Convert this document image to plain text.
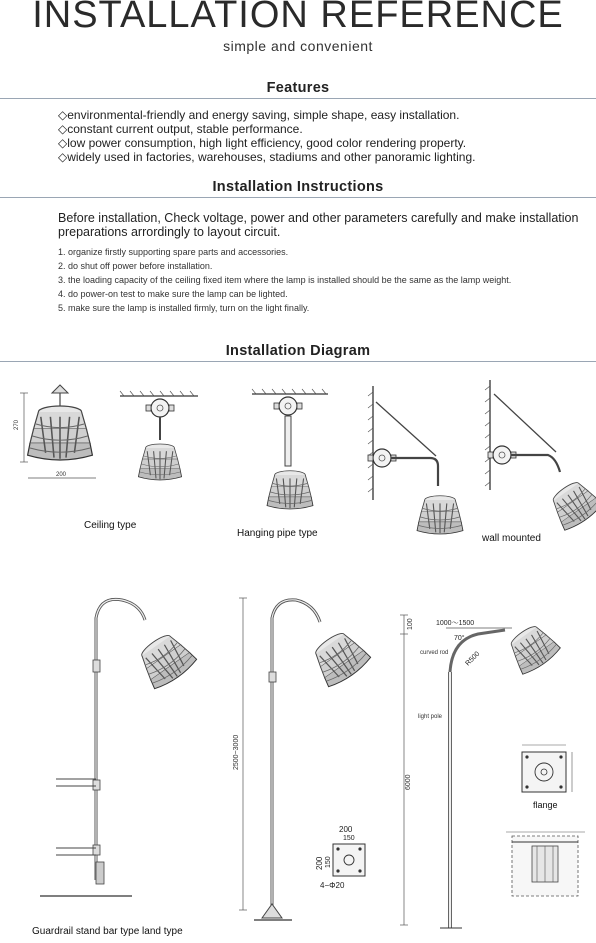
INSTALLATION REFERENCE
simple and convenient
Features
◇environmental-friendly and energy saving, simple shape, easy installation.
◇constant current output, stable performance.
◇low power consumption, high light efficiency, good color rendering property.
◇widely used in factories, warehouses, stadiums and other panoramic lighting.
Installation Instructions
Before installation, Check voltage, power and other parameters carefully and make installation preparations arrordingly to layout circuit.
1. organize firstly supporting spare parts and accessories.
2. do shut off power before installation.
3. the loading capacity of the ceiling fixed item where the lamp is installed should be the same as the lamp weight.
4. do power-on test to make sure the lamp can be lighted.
5. make sure the lamp is installed firmly, turn on the light finally.
Installation Diagram
270
200
2500~3000
200
150
200 150
4−Φ20
100	1000～1500
70°
curved rod R500
light pole
6000
Ceiling type
Hanging pipe type	wall mounted
flange
Guardrail stand bar type land type
